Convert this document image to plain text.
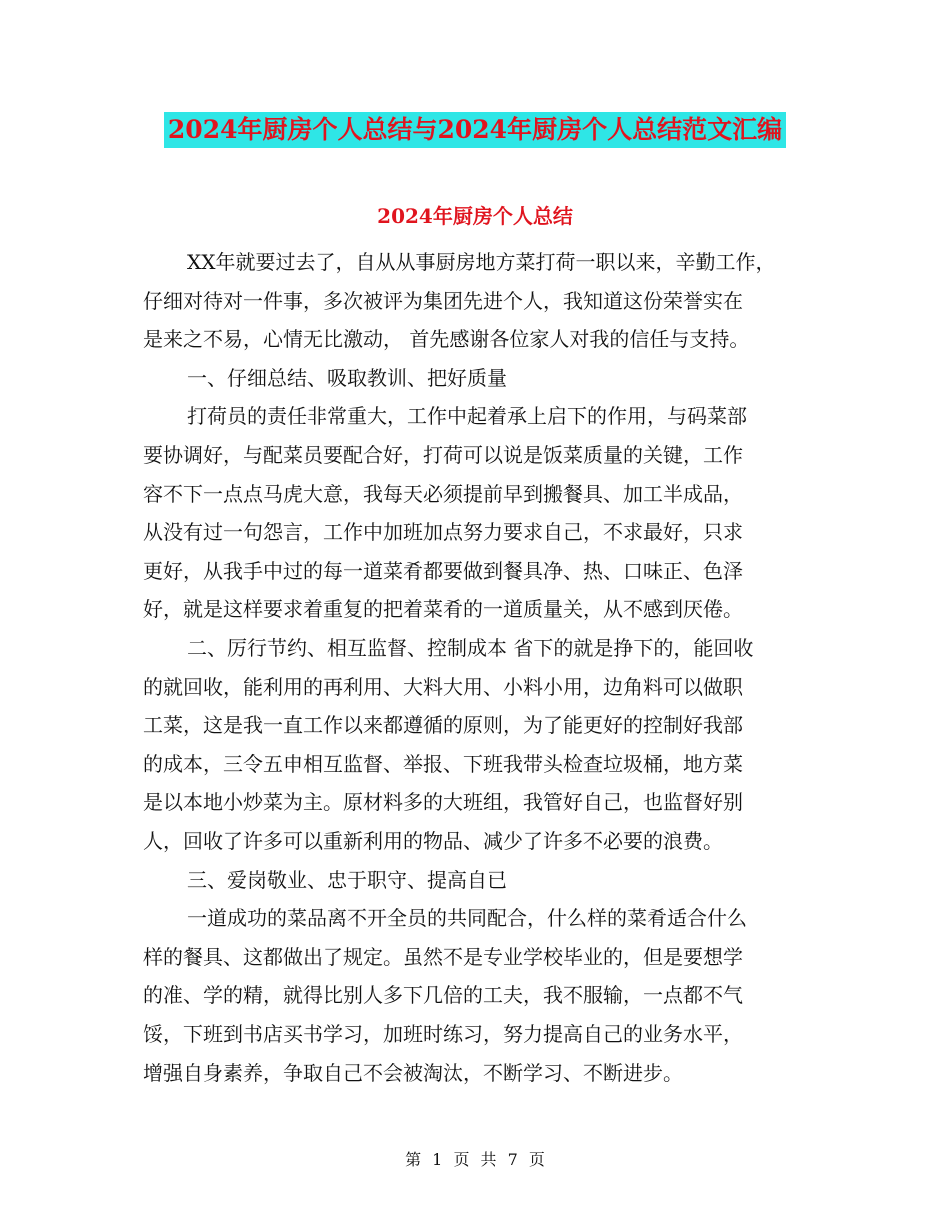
2024年厨房个人总结与2024年厨房个人总结范文汇编
2024年厨房个人总结
XX年就要过去了，自从从事厨房地方菜打荷一职以来，辛勤工作，
仔细对待对一件事，多次被评为集团先进个人，我知道这份荣誉实在
是来之不易，心情无比激动， 首先感谢各位家人对我的信任与支持。
一、仔细总结、吸取教训、把好质量
打荷员的责任非常重大，工作中起着承上启下的作用，与码菜部
要协调好，与配菜员要配合好，打荷可以说是饭菜质量的关键，工作
容不下一点点马虎大意，我每天必须提前早到搬餐具、加工半成品，
从没有过一句怨言，工作中加班加点努力要求自己，不求最好，只求
更好，从我手中过的每一道菜肴都要做到餐具净、热、口味正、色泽
好，就是这样要求着重复的把着菜肴的一道质量关，从不感到厌倦。
二、厉行节约、相互监督、控制成本 省下的就是挣下的，能回收
的就回收，能利用的再利用、大料大用、小料小用，边角料可以做职
工菜，这是我一直工作以来都遵循的原则，为了能更好的控制好我部
的成本，三令五申相互监督、举报、下班我带头检查垃圾桶，地方菜
是以本地小炒菜为主。原材料多的大班组，我管好自己，也监督好别
人，回收了许多可以重新利用的物品、减少了许多不必要的浪费。
三、爱岗敬业、忠于职守、提高自已
一道成功的菜品离不开全员的共同配合，什么样的菜肴适合什么
样的餐具、这都做出了规定。虽然不是专业学校毕业的，但是要想学
的准、学的精，就得比别人多下几倍的工夫，我不服输，一点都不气
馁，下班到书店买书学习，加班时练习，努力提高自己的业务水平，
增强自身素养，争取自己不会被淘汰，不断学习、不断进步。
第 1 页 共 7 页
